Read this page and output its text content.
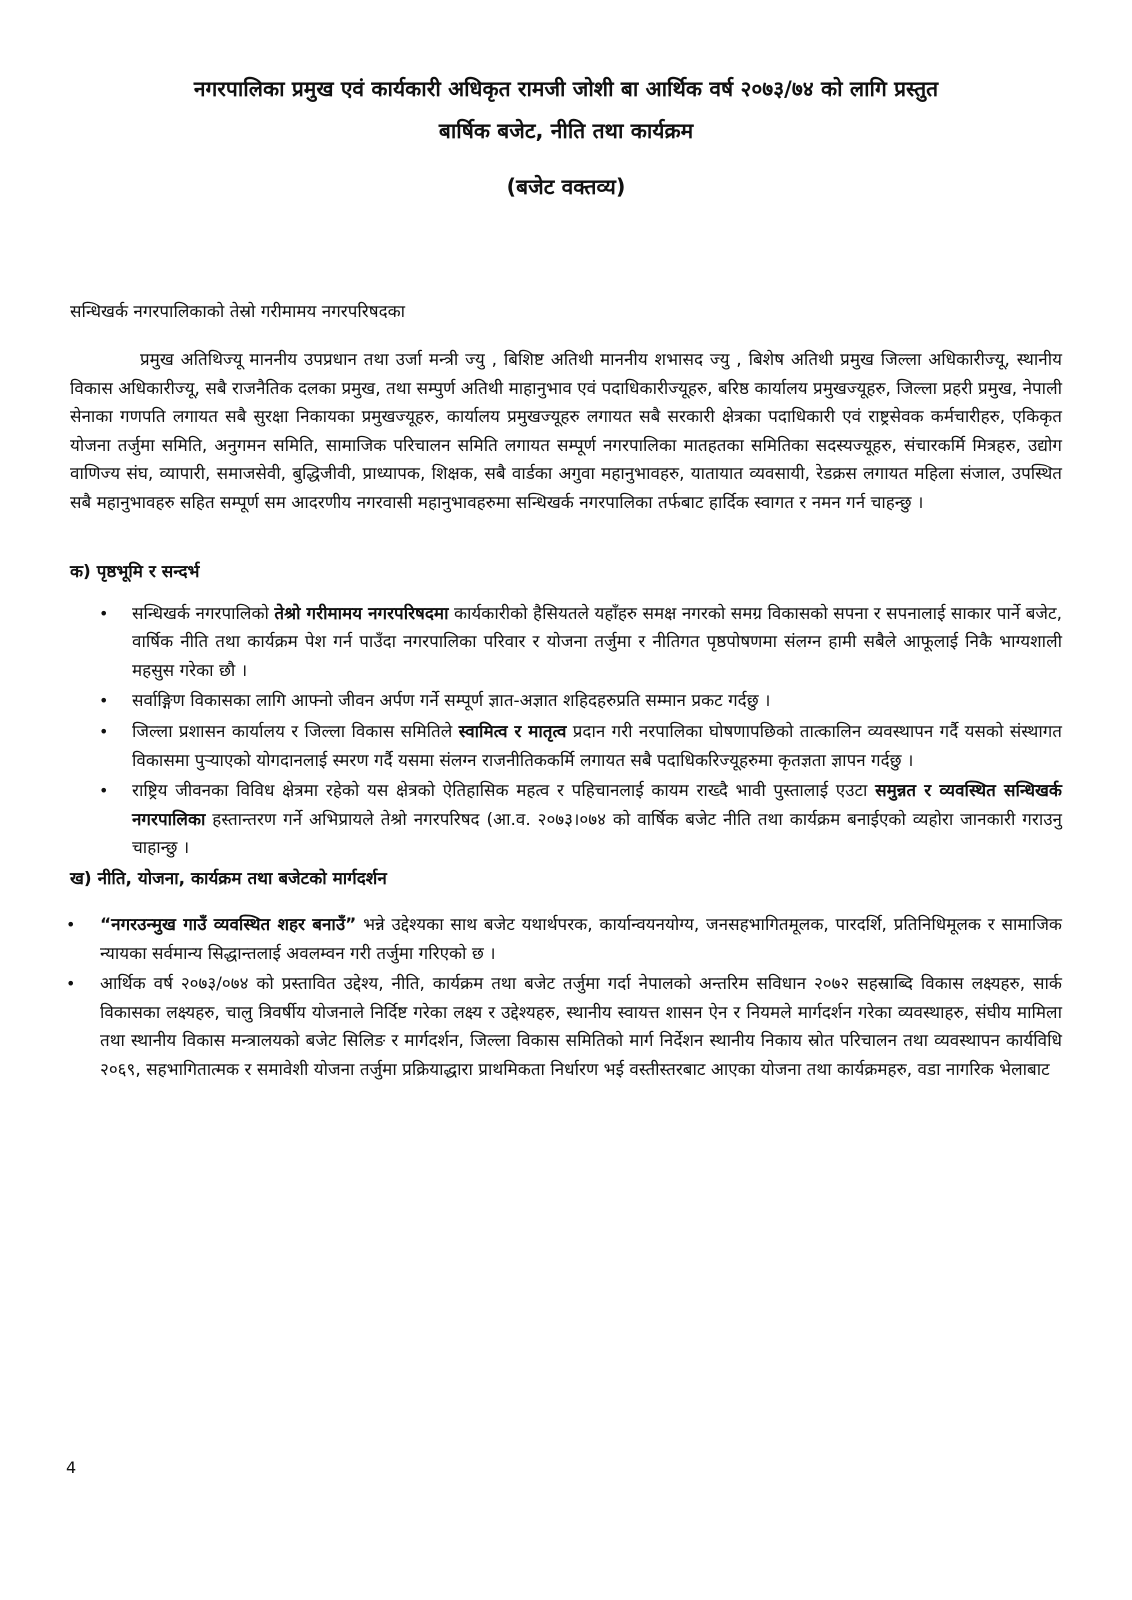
नगरपालिका प्रमुख एवं कार्यकारी अधिकृत रामजी जोशी बा आर्थिक वर्ष २०७३/७४ को लागि प्रस्तुत
बार्षिक बजेट, नीति तथा कार्यक्रम
(बजेट वक्तव्य)

सन्धिखर्क नगरपालिकाको तेस्रो गरीमामय नगरपरिषदका

प्रमुख अतिथिज्यू माननीय उपप्रधान तथा उर्जा मन्त्री ज्यु , बिशिष्ट अतिथी माननीय शभासद ज्यु , बिशेष अतिथी प्रमुख जिल्ला अधिकारीज्यू, स्थानीय विकास अधिकारीज्यू, सबै राजनैतिक दलका प्रमुख, तथा सम्पुर्ण अतिथी माहानुभाव एवं पदाधिकारीज्यूहरु, बरिष्ठ कार्यालय प्रमुखज्यूहरु, जिल्ला प्रहरी प्रमुख, नेपाली सेनाका गणपति लगायत सबै सुरक्षा निकायका प्रमुखज्यूहरु, कार्यालय प्रमुखज्यूहरु लगायत सबै सरकारी क्षेत्रका पदाधिकारी एवं राष्ट्रसेवक कर्मचारीहरु, एकिकृत योजना तर्जुमा समिति, अनुगमन समिति, सामाजिक परिचालन समिति लगायत सम्पूर्ण नगरपालिका मातहतका समितिका सदस्यज्यूहरु, संचारकर्मि मित्रहरु, उद्योग वाणिज्य संघ, व्यापारी, समाजसेवी, बुद्धिजीवी, प्राध्यापक, शिक्षक, सबै वार्डका अगुवा महानुभावहरु, यातायात व्यवसायी, रेडक्रस लगायत महिला संजाल, उपस्थित सबै महानुभावहरु सहित सम्पूर्ण सम आदरणीय नगरवासी महानुभावहरुमा सन्धिखर्क नगरपालिका तर्फबाट हार्दिक स्वागत र नमन गर्न चाहन्छु ।

क) पृष्ठभूमि र सन्दर्भ
• सन्धिखर्क नगरपालिको तेश्रो गरीमामय नगरपरिषदमा कार्यकारीको हैसियतले यहाँहरु समक्ष नगरको समग्र विकासको सपना र सपनालाई साकार पार्ने बजेट, वार्षिक नीति तथा कार्यक्रम पेश गर्न पाउँदा नगरपालिका परिवार र योजना तर्जुमा र नीतिगत पृष्ठपोषणमा संलग्न हामी सबैले आफूलाई निकै भाग्यशाली महसुस गरेका छौ ।
• सर्वाङ्गिण विकासका लागि आफ्नो जीवन अर्पण गर्ने सम्पूर्ण ज्ञात-अज्ञात शहिदहरुप्रति सम्मान प्रकट गर्दछु ।
• जिल्ला प्रशासन कार्यालय र जिल्ला विकास समितिले स्वामित्व र मातृत्व प्रदान गरी नरपालिका घोषणापछिको तात्कालिन व्यवस्थापन गर्दै यसको संस्थागत विकासमा पुर्‍याएको योगदानलाई स्मरण गर्दै यसमा संलग्न राजनीतिककर्मि लगायत सबै पदाधिकरिज्यूहरुमा कृतज्ञता ज्ञापन गर्दछु ।
• राष्ट्रिय जीवनका विविध क्षेत्रमा रहेको यस क्षेत्रको ऐतिहासिक महत्व र पहिचानलाई कायम राख्दै भावी पुस्तालाई एउटा समुन्नत र व्यवस्थित सन्धिखर्क नगरपालिका हस्तान्तरण गर्ने अभिप्रायले तेश्रो नगरपरिषद (आ.व. २०७३।०७४ को वार्षिक बजेट नीति तथा कार्यक्रम बनाईएको व्यहोरा जानकारी गराउनु चाहान्छु ।
ख) नीति, योजना, कार्यक्रम तथा बजेटको मार्गदर्शन
• “नगरउन्मुख गाउँ व्यवस्थित शहर बनाउँ” भन्ने उद्देश्यका साथ बजेट यथार्थपरक, कार्यान्वयनयोग्य, जनसहभागितमूलक, पारदर्शि, प्रतिनिधिमूलक र सामाजिक न्यायका सर्वमान्य सिद्धान्तलाई अवलम्वन गरी तर्जुमा गरिएको छ ।
• आर्थिक वर्ष २०७३/०७४ को प्रस्तावित उद्देश्य, नीति, कार्यक्रम तथा बजेट तर्जुमा गर्दा नेपालको अन्तरिम सविधान २०७२ सहस्राब्दि विकास लक्ष्यहरु, सार्क विकासका लक्ष्यहरु, चालु त्रिवर्षीय योजनाले निर्दिष्ट गरेका लक्ष्य र उद्देश्यहरु, स्थानीय स्वायत्त शासन ऐन र नियमले मार्गदर्शन गरेका व्यवस्थाहरु, संघीय मामिला तथा स्थानीय विकास मन्त्रालयको बजेट सिलिङ र मार्गदर्शन, जिल्ला विकास समितिको मार्ग निर्देशन स्थानीय निकाय स्रोत परिचालन तथा व्यवस्थापन कार्यविधि २०६९, सहभागितात्मक र समावेशी योजना तर्जुमा प्रक्रियाद्धारा प्राथमिकता निर्धारण भई वस्तीस्तरबाट आएका योजना तथा कार्यक्रमहरु, वडा नागरिक भेलाबाट
4
